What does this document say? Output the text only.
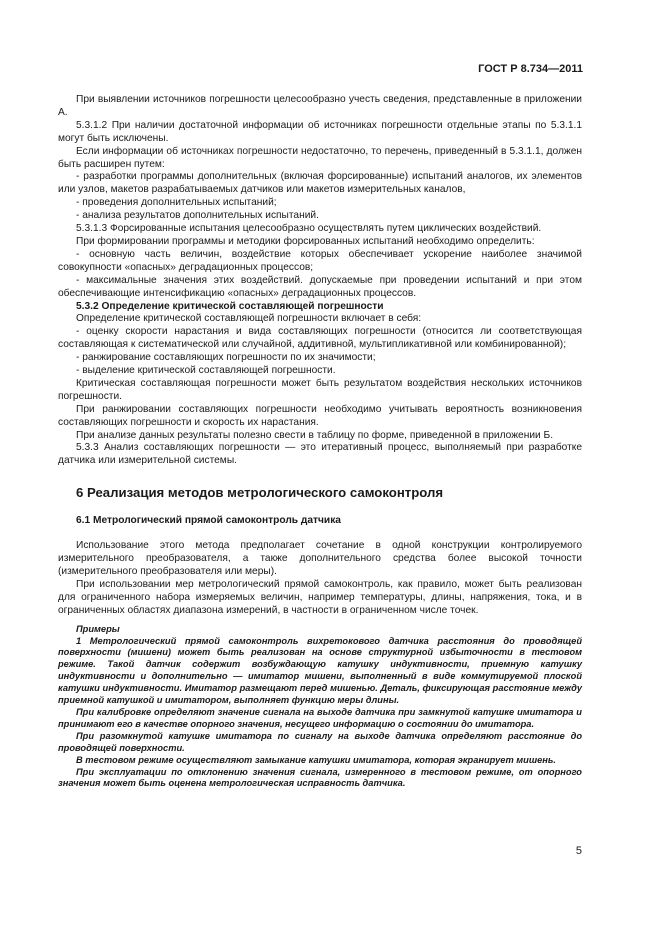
ГОСТ Р 8.734—2011

При выявлении источников погрешности целесообразно учесть сведения, представленные в приложении А.

5.3.1.2 При наличии достаточной информации об источниках погрешности отдельные этапы по 5.3.1.1 могут быть исключены.

Если информации об источниках погрешности недостаточно, то перечень, приведенный в 5.3.1.1, должен быть расширен путем:

- разработки программы дополнительных (включая форсированные) испытаний аналогов, их элементов или узлов, макетов разрабатываемых датчиков или макетов измерительных каналов,

- проведения дополнительных испытаний;

- анализа результатов дополнительных испытаний.

5.3.1.3 Форсированные испытания целесообразно осуществлять путем циклических воздействий.

При формировании программы и методики форсированных испытаний необходимо определить:

- основную часть величин, воздействие которых обеспечивает ускорение наиболее значимой совокупности «опасных» деградационных процессов;

- максимальные значения этих воздействий. допускаемые при проведении испытаний и при этом обеспечивающие интенсификацию «опасных» деградационных процессов.

5.3.2 Определение критической составляющей погрешности

Определение критической составляющей погрешности включает в себя:

- оценку скорости нарастания и вида составляющих погрешности (относится ли соответствующая составляющая к систематической или случайной, аддитивной, мультипликативной или комбинированной);

- ранжирование составляющих погрешности по их значимости;

- выделение критической составляющей погрешности.

Критическая составляющая погрешности может быть результатом воздействия нескольких источников погрешности.

При ранжировании составляющих погрешности необходимо учитывать вероятность возникновения составляющих погрешности и скорость их нарастания.

При анализе данных результаты полезно свести в таблицу по форме, приведенной в приложении Б.

5.3.3 Анализ составляющих погрешности — это итеративный процесс, выполняемый при разработке датчика или измерительной системы.

6 Реализация методов метрологического самоконтроля

6.1 Метрологический прямой самоконтроль датчика

Использование этого метода предполагает сочетание в одной конструкции контролируемого измерительного преобразователя, а также дополнительного средства более высокой точности (измерительного преобразователя или меры).

При использовании мер метрологический прямой самоконтроль, как правило, может быть реализован для ограниченного набора измеряемых величин, например температуры, длины, напряжения, тока, и в ограниченных областях диапазона измерений, в частности в ограниченном числе точек.

Примеры

1 Метрологический прямой самоконтроль вихретокового датчика расстояния до проводящей поверхности (мишени) может быть реализован на основе структурной избыточности в тестовом режиме. Такой датчик содержит возбуждающую катушку индуктивности, приемную катушку индуктивности и дополнительно — имитатор мишени, выполненный в виде коммутируемой плоской катушки индуктивности. Имитатор размещают перед мишенью. Деталь, фиксирующая расстояние между приемной катушкой и имитатором, выполняет функцию меры длины.

При калибровке определяют значение сигнала на выходе датчика при замкнутой катушке имитатора и принимают его в качестве опорного значения, несущего информацию о состоянии до имитатора.

При разомкнутой катушке имитатора по сигналу на выходе датчика определяют расстояние до проводящей поверхности.

В тестовом режиме осуществляют замыкание катушки имитатора, которая экранирует мишень.

При эксплуатации по отклонению значения сигнала, измеренного в тестовом режиме, от опорного значения может быть оценена метрологическая исправность датчика.

5
